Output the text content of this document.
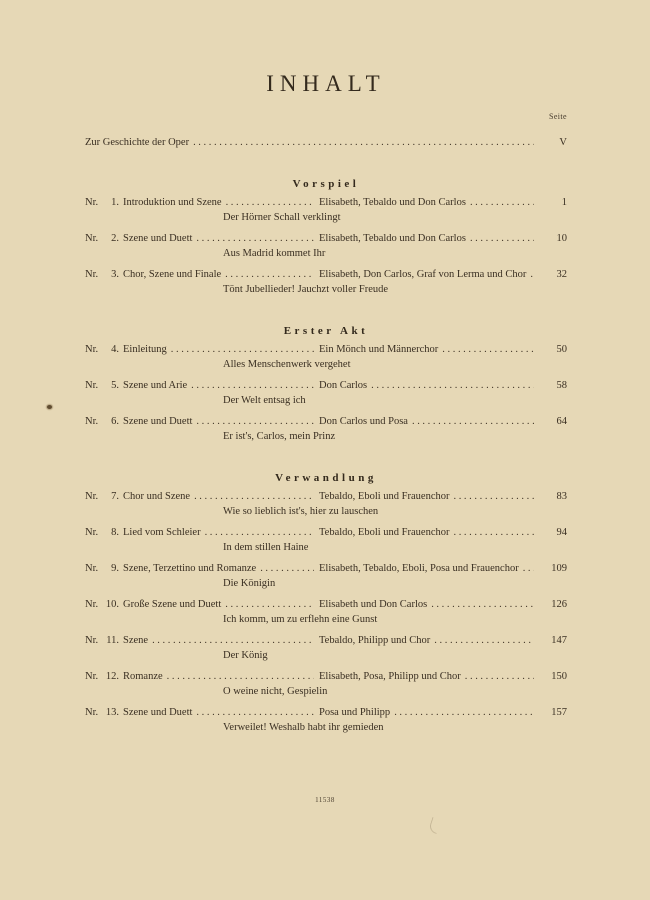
INHALT
Seite
Zur Geschichte der Oper .....	V
Vorspiel
Nr.	1. Introduktion und Szene .....	Elisabeth, Tebaldo und Don Carlos .....	1
Der Hörner Schall verklingt
Nr.	2. Szene und Duett .....	Elisabeth, Tebaldo und Don Carlos .....	10
Aus Madrid kommet Ihr
Nr.	3. Chor, Szene und Finale .....	Elisabeth, Don Carlos, Graf von Lerma und Chor .....	32
Tönt Jubellieder! Jauchzt voller Freude
Erster Akt
Nr.	4. Einleitung .....	Ein Mönch und Männerchor .....	50
Alles Menschenwerk vergehet
Nr.	5. Szene und Arie .....	Don Carlos .....	58
Der Welt entsag ich
Nr.	6. Szene und Duett .....	Don Carlos und Posa .....	64
Er ist's, Carlos, mein Prinz
Verwandlung
Nr.	7. Chor und Szene .....	Tebaldo, Eboli und Frauenchor .....	83
Wie so lieblich ist's, hier zu lauschen
Nr.	8. Lied vom Schleier .....	Tebaldo, Eboli und Frauenchor .....	94
In dem stillen Haine
Nr.	9. Szene, Terzettino und Romanze .....	Elisabeth, Tebaldo, Eboli, Posa und Frauenchor .....	109
Die Königin
Nr. 10. Große Szene und Duett .....	Elisabeth und Don Carlos .....	126
Ich komm, um zu erflehn eine Gunst
Nr. 11. Szene .....	Tebaldo, Philipp und Chor .....	147
Der König
Nr. 12. Romanze .....	Elisabeth, Posa, Philipp und Chor .....	150
O weine nicht, Gespielin
Nr. 13. Szene und Duett .....	Posa und Philipp .....	157
Verweilet! Weshalb habt ihr gemieden
11538
